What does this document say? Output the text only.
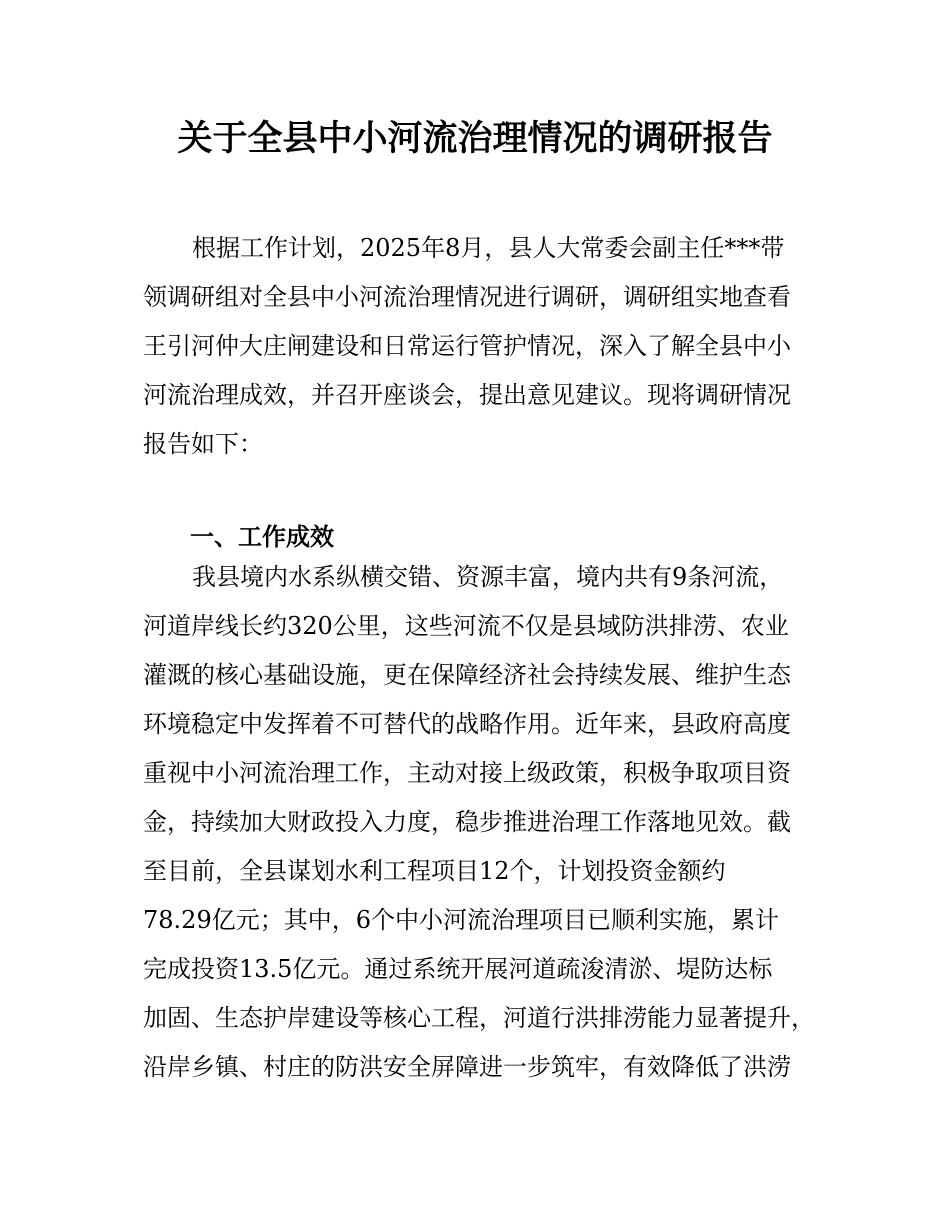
关于全县中小河流治理情况的调研报告

根据工作计划，2025年8月，县人大常委会副主任***带

领调研组对全县中小河流治理情况进行调研，调研组实地查看

王引河仲大庄闸建设和日常运行管护情况，深入了解全县中小

河流治理成效，并召开座谈会，提出意见建议。现将调研情况

报告如下：

一、工作成效

我县境内水系纵横交错、资源丰富，境内共有9条河流，

河道岸线长约320公里，这些河流不仅是县域防洪排涝、农业

灌溉的核心基础设施，更在保障经济社会持续发展、维护生态

环境稳定中发挥着不可替代的战略作用。近年来，县政府高度

重视中小河流治理工作，主动对接上级政策，积极争取项目资

金，持续加大财政投入力度，稳步推进治理工作落地见效。截

至目前，全县谋划水利工程项目12个，计划投资金额约

78.29亿元；其中，6个中小河流治理项目已顺利实施，累计

完成投资13.5亿元。通过系统开展河道疏浚清淤、堤防达标

加固、生态护岸建设等核心工程，河道行洪排涝能力显著提升，

沿岸乡镇、村庄的防洪安全屏障进一步筑牢，有效降低了洪涝
